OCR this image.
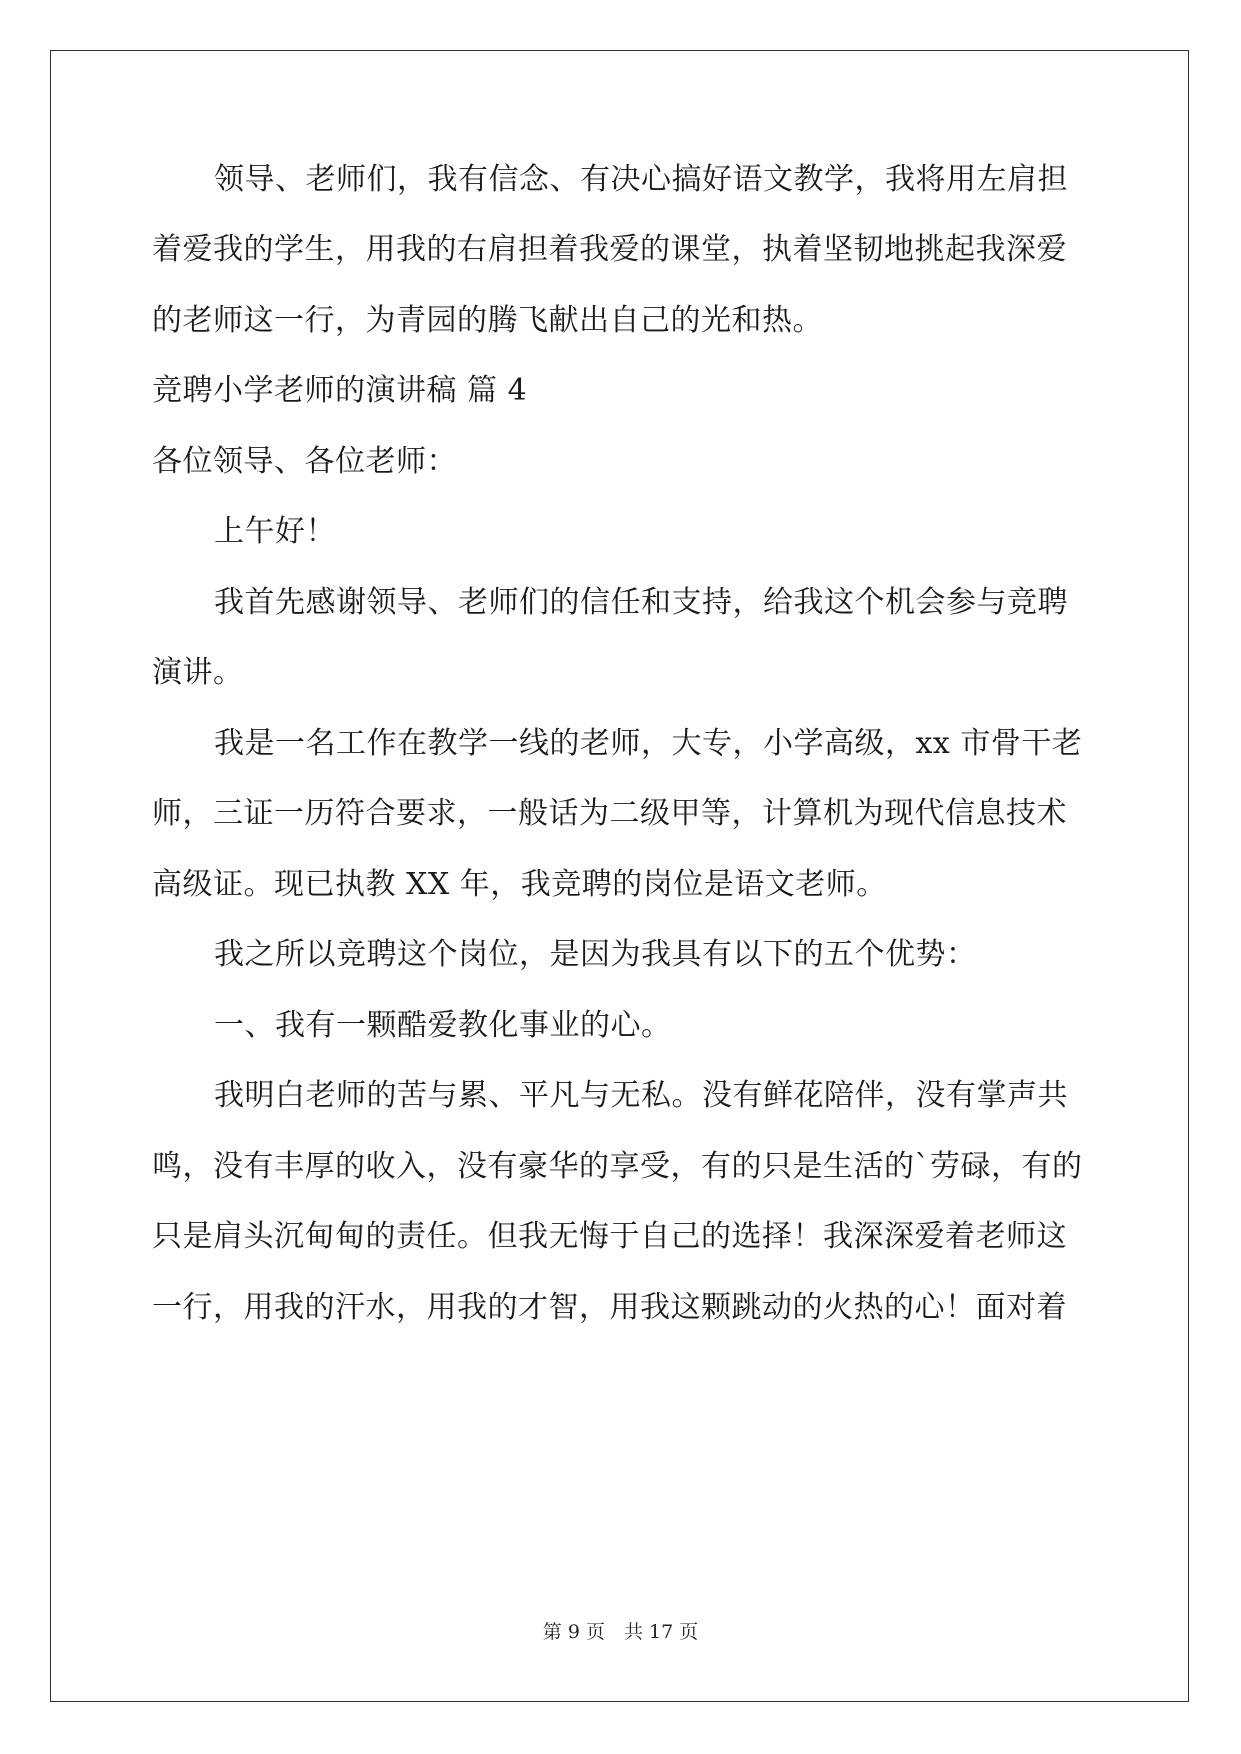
领导、老师们，我有信念、有决心搞好语文教学，我将用左肩担
着爱我的学生，用我的右肩担着我爱的课堂，执着坚韧地挑起我深爱
的老师这一行，为青园的腾飞献出自己的光和热。
竞聘小学老师的演讲稿 篇 4
各位领导、各位老师：
上午好！
我首先感谢领导、老师们的信任和支持，给我这个机会参与竞聘
演讲。
我是一名工作在教学一线的老师，大专，小学高级，xx 市骨干老
师，三证一历符合要求，一般话为二级甲等，计算机为现代信息技术
高级证。现已执教 XX 年，我竞聘的岗位是语文老师。
我之所以竞聘这个岗位，是因为我具有以下的五个优势：
一、我有一颗酷爱教化事业的心。
我明白老师的苦与累、平凡与无私。没有鲜花陪伴，没有掌声共
鸣，没有丰厚的收入，没有豪华的享受，有的只是生活的`劳碌，有的
只是肩头沉甸甸的责任。但我无悔于自己的选择！我深深爱着老师这
一行，用我的汗水，用我的才智，用我这颗跳动的火热的心！面对着
第 9 页　共 17 页
